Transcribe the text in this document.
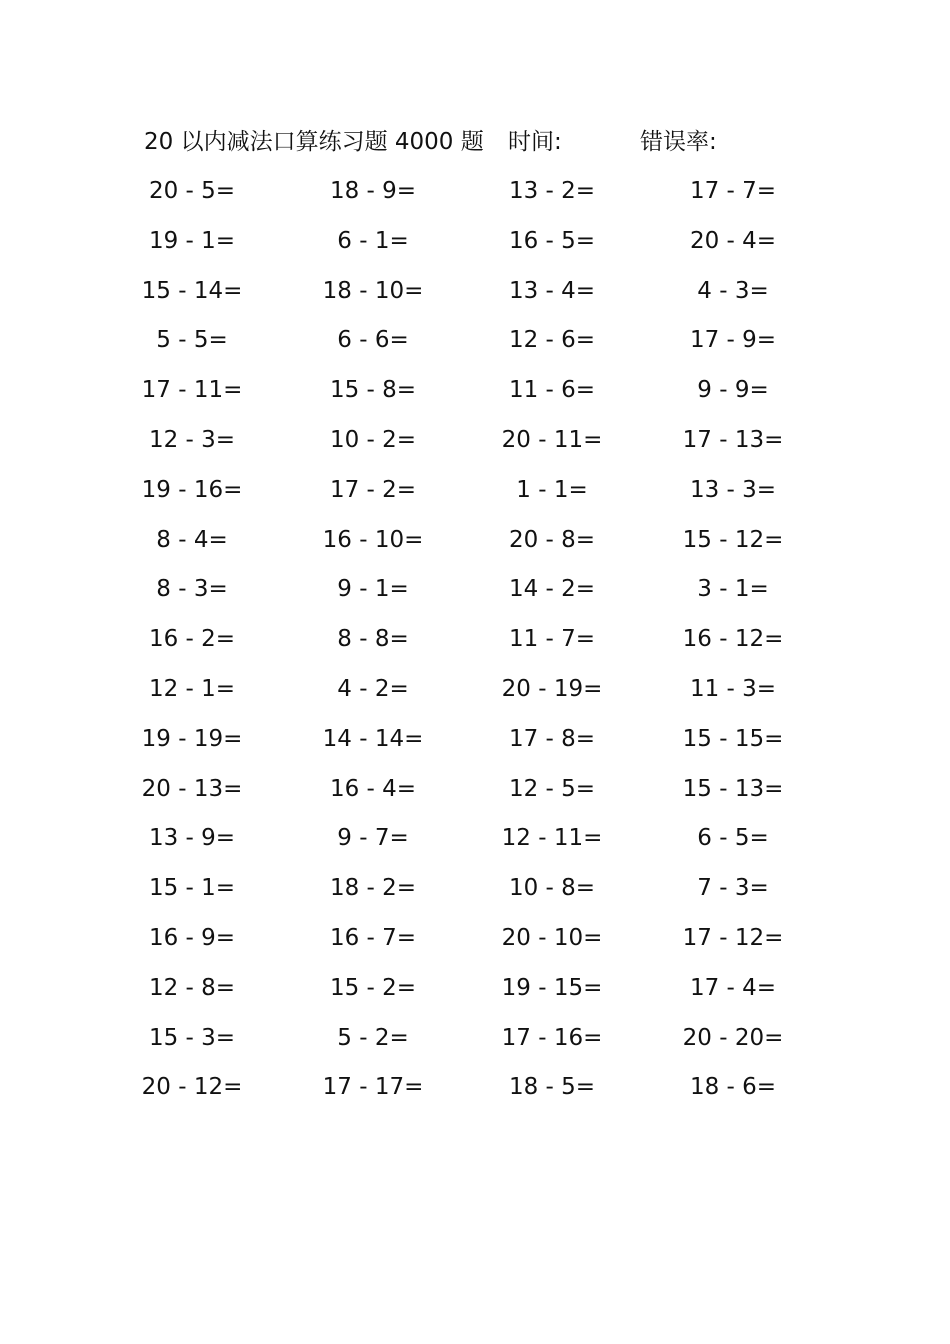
20 以内减法口算练习题 4000 题 时间:	错误率:
20 - 5=	18 - 9=	13 - 2=	17 - 7=
19 - 1=	6 - 1=	16 - 5=	20 - 4=
15 - 14=	18 - 10=	13 - 4=	4 - 3=
5 - 5=	6 - 6=	12 - 6=	17 - 9=
17 - 11=	15 - 8=	11 - 6=	9 - 9=
12 - 3=	10 - 2=	20 - 11=	17 - 13=
19 - 16=	17 - 2=	1 - 1=	13 - 3=
8 - 4=	16 - 10=	20 - 8=	15 - 12=
8 - 3=	9 - 1=	14 - 2=	3 - 1=
16 - 2=	8 - 8=	11 - 7=	16 - 12=
12 - 1=	4 - 2=	20 - 19=	11 - 3=
19 - 19=	14 - 14=	17 - 8=	15 - 15=
20 - 13=	16 - 4=	12 - 5=	15 - 13=
13 - 9=	9 - 7=	12 - 11=	6 - 5=
15 - 1=	18 - 2=	10 - 8=	7 - 3=
16 - 9=	16 - 7=	20 - 10=	17 - 12=
12 - 8=	15 - 2=	19 - 15=	17 - 4=
15 - 3=	5 - 2=	17 - 16=	20 - 20=
20 - 12=	17 - 17=	18 - 5=	18 - 6=
